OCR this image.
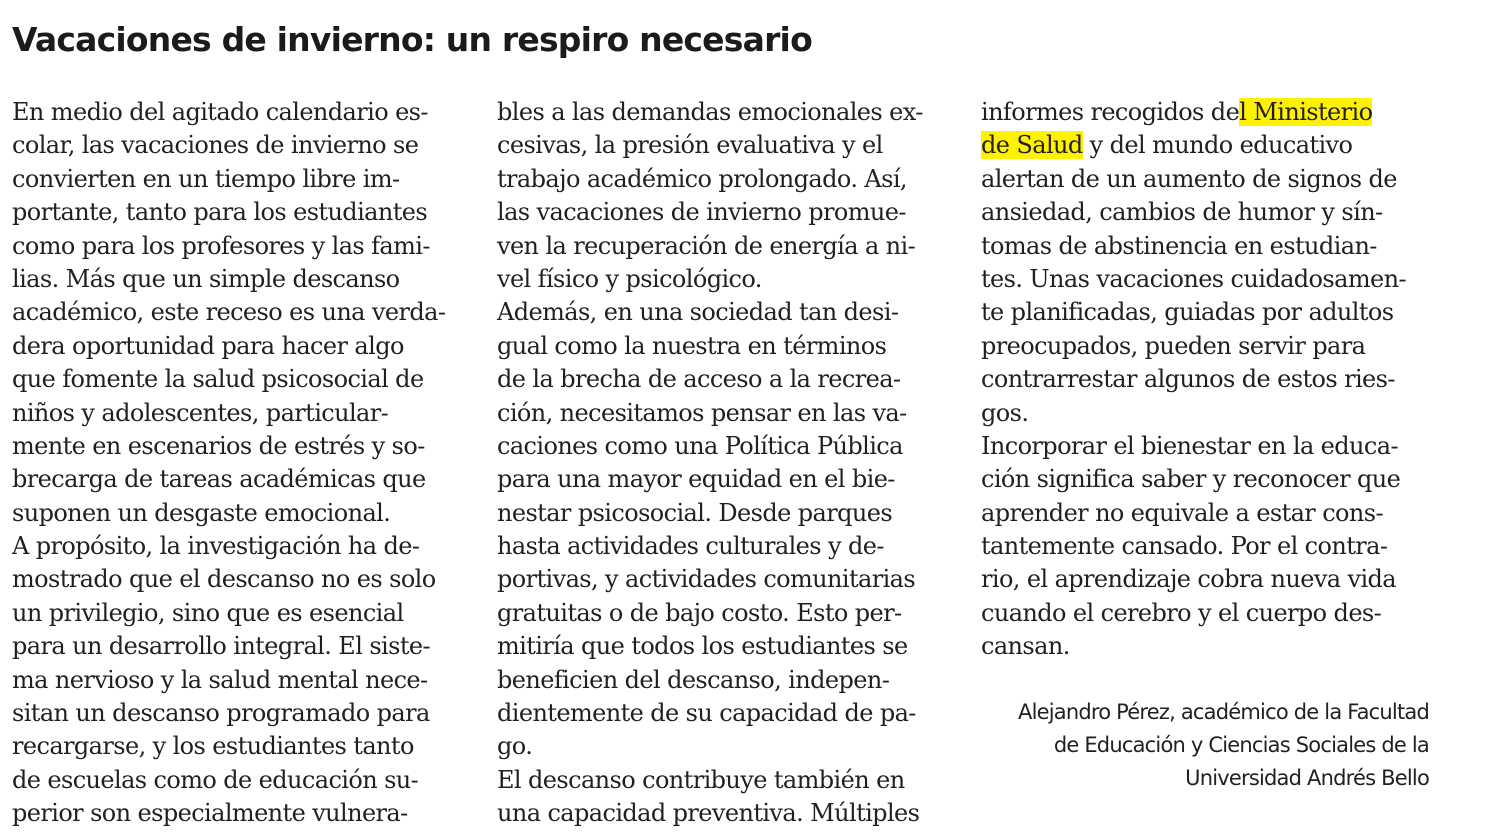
Vacaciones de invierno: un respiro necesario
En medio del agitado calendario es-
colar, las vacaciones de invierno se
convierten en un tiempo libre im-
portante, tanto para los estudiantes
como para los profesores y las fami-
lias. Más que un simple descanso
académico, este receso es una verda-
dera oportunidad para hacer algo
que fomente la salud psicosocial de
niños y adolescentes, particular-
mente en escenarios de estrés y so-
brecarga de tareas académicas que
suponen un desgaste emocional.
A propósito, la investigación ha de-
mostrado que el descanso no es solo
un privilegio, sino que es esencial
para un desarrollo integral. El siste-
ma nervioso y la salud mental nece-
sitan un descanso programado para
recargarse, y los estudiantes tanto
de escuelas como de educación su-
perior son especialmente vulnera-
bles a las demandas emocionales ex-
cesivas, la presión evaluativa y el
trabajo académico prolongado. Así,
las vacaciones de invierno promue-
ven la recuperación de energía a ni-
vel físico y psicológico.
Además, en una sociedad tan desi-
gual como la nuestra en términos
de la brecha de acceso a la recrea-
ción, necesitamos pensar en las va-
caciones como una Política Pública
para una mayor equidad en el bie-
nestar psicosocial. Desde parques
hasta actividades culturales y de-
portivas, y actividades comunitarias
gratuitas o de bajo costo. Esto per-
mitiría que todos los estudiantes se
beneficien del descanso, indepen-
dientemente de su capacidad de pa-
go.
El descanso contribuye también en
una capacidad preventiva. Múltiples
informes recogidos del Ministerio
de Salud y del mundo educativo
alertan de un aumento de signos de
ansiedad, cambios de humor y sín-
tomas de abstinencia en estudian-
tes. Unas vacaciones cuidadosamen-
te planificadas, guiadas por adultos
preocupados, pueden servir para
contrarrestar algunos de estos ries-
gos.
Incorporar el bienestar en la educa-
ción significa saber y reconocer que
aprender no equivale a estar cons-
tantemente cansado. Por el contra-
rio, el aprendizaje cobra nueva vida
cuando el cerebro y el cuerpo des-
cansan.
Alejandro Pérez, académico de la Facultad
de Educación y Ciencias Sociales de la
Universidad Andrés Bello
